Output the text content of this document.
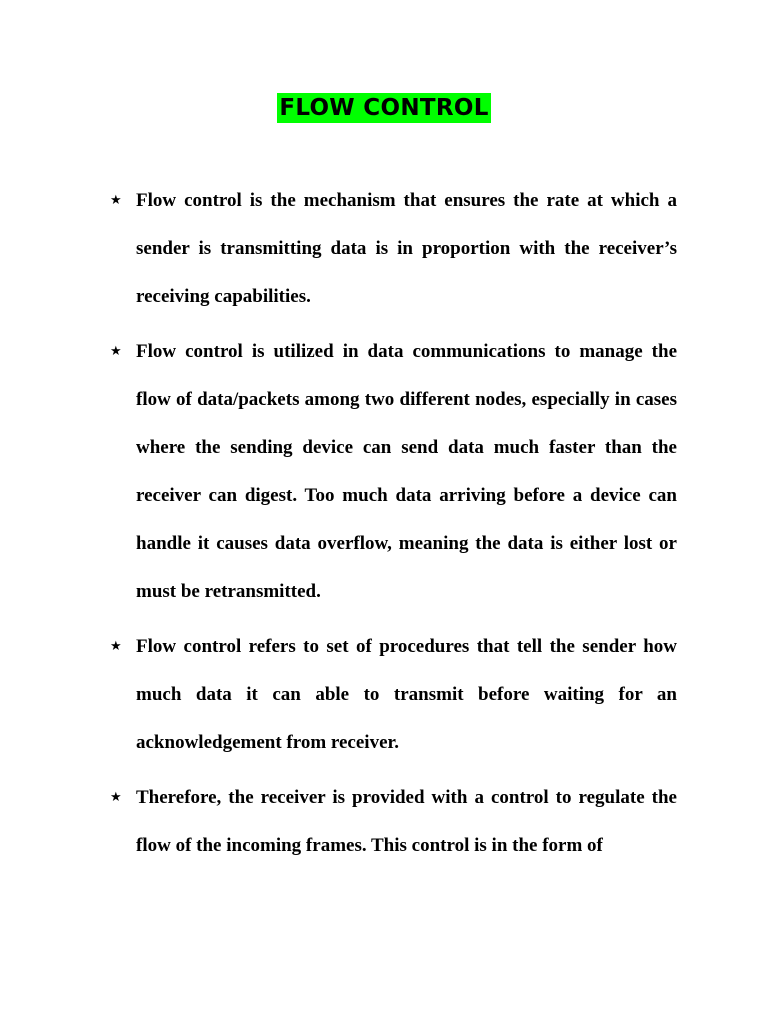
FLOW CONTROL
★ Flow control is the mechanism that ensures the rate at which a sender is transmitting data is in proportion with the receiver’s receiving capabilities.
★ Flow control is utilized in data communications to manage the flow of data/packets among two different nodes, especially in cases where the sending device can send data much faster than the receiver can digest. Too much data arriving before a device can handle it causes data overflow, meaning the data is either lost or must be retransmitted.
★ Flow control refers to set of procedures that tell the sender how much data it can able to transmit before waiting for an acknowledgement from receiver.
★ Therefore, the receiver is provided with a control to regulate the flow of the incoming frames. This control is in the form of
